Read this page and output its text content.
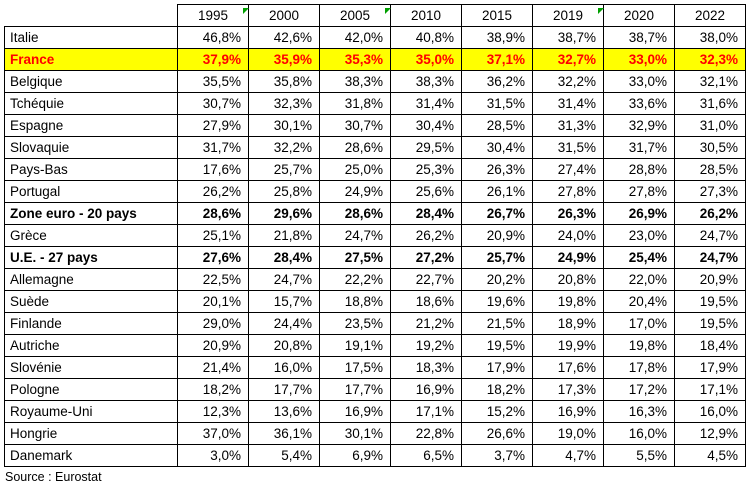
	1995	2000	2005	2010	2015	2019	2020	2022
Italie	46,8%	42,6%	42,0%	40,8%	38,9%	38,7%	38,7%	38,0%
France	37,9%	35,9%	35,3%	35,0%	37,1%	32,7%	33,0%	32,3%
Belgique	35,5%	35,8%	38,3%	38,3%	36,2%	32,2%	33,0%	32,1%
Tchéquie	30,7%	32,3%	31,8%	31,4%	31,5%	31,4%	33,6%	31,6%
Espagne	27,9%	30,1%	30,7%	30,4%	28,5%	31,3%	32,9%	31,0%
Slovaquie	31,7%	32,2%	28,6%	29,5%	30,4%	31,5%	31,7%	30,5%
Pays-Bas	17,6%	25,7%	25,0%	25,3%	26,3%	27,4%	28,8%	28,5%
Portugal	26,2%	25,8%	24,9%	25,6%	26,1%	27,8%	27,8%	27,3%
Zone euro - 20 pays	28,6%	29,6%	28,6%	28,4%	26,7%	26,3%	26,9%	26,2%
Grèce	25,1%	21,8%	24,7%	26,2%	20,9%	24,0%	23,0%	24,7%
U.E. - 27 pays	27,6%	28,4%	27,5%	27,2%	25,7%	24,9%	25,4%	24,7%
Allemagne	22,5%	24,7%	22,2%	22,7%	20,2%	20,8%	22,0%	20,9%
Suède	20,1%	15,7%	18,8%	18,6%	19,6%	19,8%	20,4%	19,5%
Finlande	29,0%	24,4%	23,5%	21,2%	21,5%	18,9%	17,0%	19,5%
Autriche	20,9%	20,8%	19,1%	19,2%	19,5%	19,9%	19,8%	18,4%
Slovénie	21,4%	16,0%	17,5%	18,3%	17,9%	17,6%	17,8%	17,9%
Pologne	18,2%	17,7%	17,7%	16,9%	18,2%	17,3%	17,2%	17,1%
Royaume-Uni	12,3%	13,6%	16,9%	17,1%	15,2%	16,9%	16,3%	16,0%
Hongrie	37,0%	36,1%	30,1%	22,8%	26,6%	19,0%	16,0%	12,9%
Danemark	3,0%	5,4%	6,9%	6,5%	3,7%	4,7%	5,5%	4,5%
Source : Eurostat
